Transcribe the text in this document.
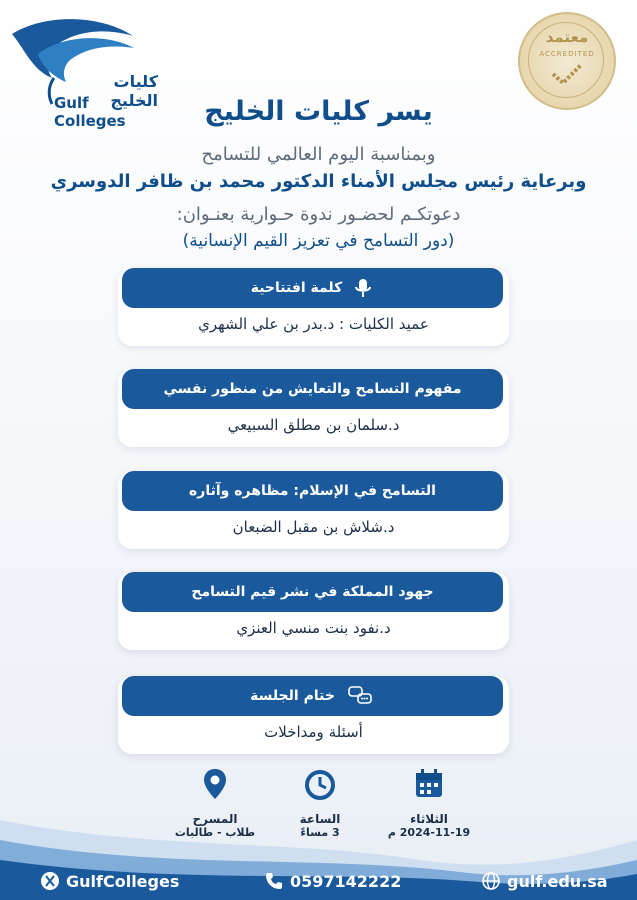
كليات الخليج
Gulf Colleges
معتمد
ACCREDITED
يسر كليات الخليج
وبمناسبة اليوم العالمي للتسامح
وبرعاية رئيس مجلس الأمناء الدكتور محمد بن ظافر الدوسري
دعوتكـم لحضـور ندوة حـوارية بعنـوان:
(دور التسامح في تعزيز القيم الإنسانية)
كلمة افتتاحية
عميد الكليات : د.بدر بن علي الشهري
مفهوم التسامح والتعايش من منظور نفسي
د.سلمان بن مطلق السبيعي
التسامح في الإسلام: مظاهره وآثاره
د.شلاش بن مقبل الضبعان
جهود المملكة في نشر قيم التسامح
د.نفود بنت منسي العنزي
ختام الجلسة
أسئلة ومداخلات
الثلاثاء
2024-11-19 م
الساعة
3 مساءً
المسرح
طلاب - طالبات
GulfColleges	0597142222	gulf.edu.sa
